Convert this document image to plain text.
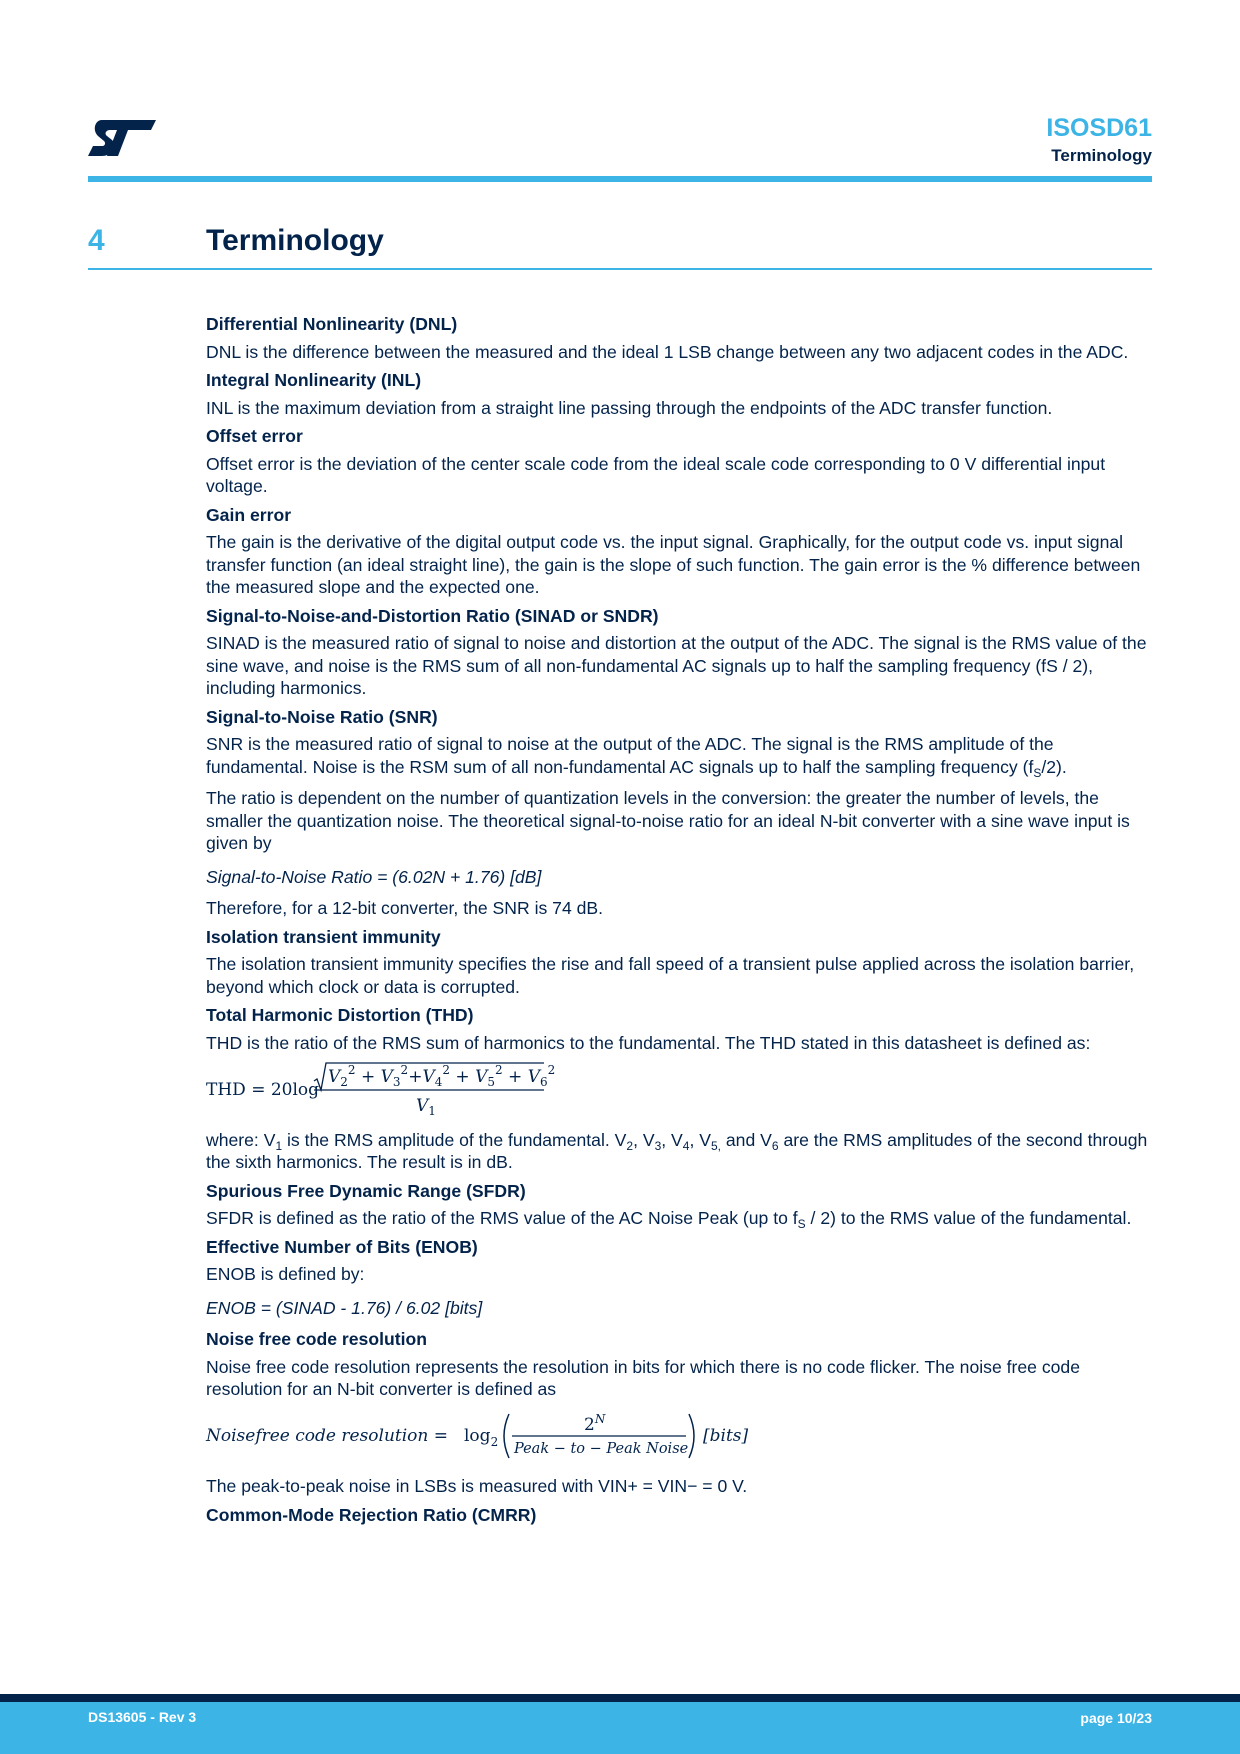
ST	ISOSD61
Terminology
4	Terminology
Differential Nonlinearity (DNL)

DNL is the difference between the measured and the ideal 1 LSB change between any two adjacent codes in the ADC.

Integral Nonlinearity (INL)

INL is the maximum deviation from a straight line passing through the endpoints of the ADC transfer function.

Offset error

Offset error is the deviation of the center scale code from the ideal scale code corresponding to 0 V differential input voltage.

Gain error

The gain is the derivative of the digital output code vs. the input signal. Graphically, for the output code vs. input signal transfer function (an ideal straight line), the gain is the slope of such function. The gain error is the % difference between the measured slope and the expected one.

Signal-to-Noise-and-Distortion Ratio (SINAD or SNDR)

SINAD is the measured ratio of signal to noise and distortion at the output of the ADC. The signal is the RMS value of the sine wave, and noise is the RMS sum of all non-fundamental AC signals up to half the sampling frequency (fS / 2), including harmonics.

Signal-to-Noise Ratio (SNR)

SNR is the measured ratio of signal to noise at the output of the ADC. The signal is the RMS amplitude of the fundamental. Noise is the RSM sum of all non-fundamental AC signals up to half the sampling frequency $(f_S/2)$.

The ratio is dependent on the number of quantization levels in the conversion: the greater the number of levels, the smaller the quantization noise. The theoretical signal-to-noise ratio for an ideal N-bit converter with a sine wave input is given by

Signal-to-Noise Ratio = (6.02N + 1.76) [dB]

Therefore, for a 12-bit converter, the SNR is 74 dB.

Isolation transient immunity

The isolation transient immunity specifies the rise and fall speed of a transient pulse applied across the isolation barrier, beyond which clock or data is corrupted.

Total Harmonic Distortion (THD)

THD is the ratio of the RMS sum of harmonics to the fundamental. The THD stated in this datasheet is defined as:

THD = 20log
$V_2^2 + V_3^2+V_4^2 + V_5^2 + V_6^2$
$V_1$

where: $V_1$ is the RMS amplitude of the fundamental. $V_2$, $V_3$, $V_4$, $V_{5,}$ and $V_6$ are the RMS amplitudes of the second through the sixth harmonics. The result is in dB.

Spurious Free Dynamic Range (SFDR)

SFDR is defined as the ratio of the RMS value of the AC Noise Peak (up to $f_S / 2$) to the RMS value of the fundamental.

Effective Number of Bits (ENOB)

ENOB is defined by:

ENOB = (SINAD - 1.76) / 6.02 [bits]

Noise free code resolution

Noise free code resolution represents the resolution in bits for which there is no code flicker. The noise free code resolution for an N-bit converter is defined as

Noisefree code resolution = $\log_2$
$2^N$
Peak − to − Peak Noise
[bits]

The peak-to-peak noise in LSBs is measured with VIN+ = VIN− = 0 V.

Common-Mode Rejection Ratio (CMRR)
DS13605 - Rev 3	page 10/23
